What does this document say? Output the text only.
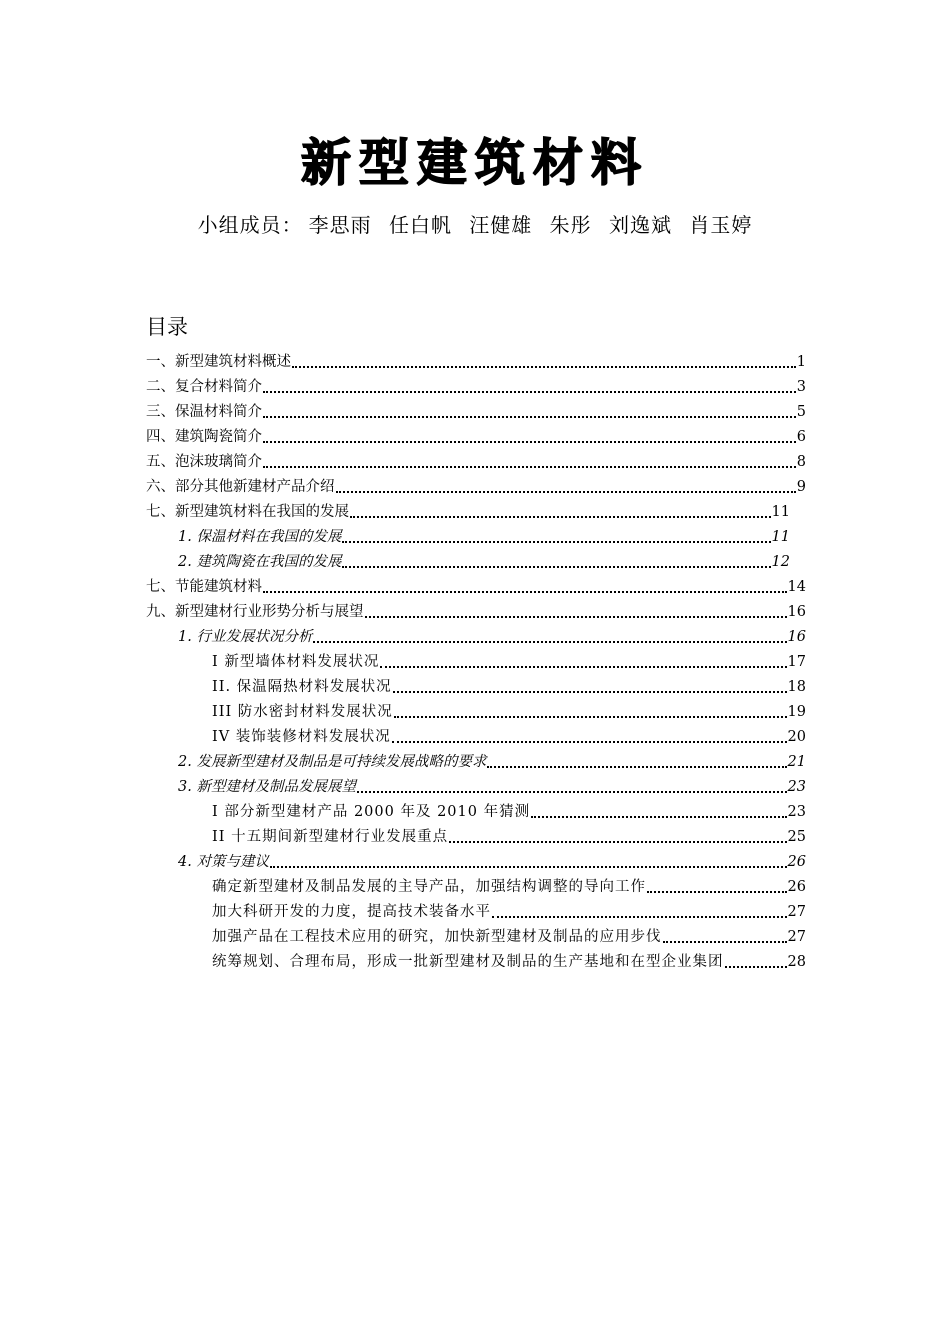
新型建筑材料
小组成员： 李思雨 任白帆 汪健雄 朱彤 刘逸斌 肖玉婷
目录
一、新型建筑材料概述	1
二、复合材料简介	3
三、保温材料简介	5
四、建筑陶瓷简介	6
五、泡沫玻璃简介	8
六、部分其他新建材产品介绍	9
七、新型建筑材料在我国的发展	11
1. 保温材料在我国的发展	11
2. 建筑陶瓷在我国的发展	12
七、节能建筑材料	14
九、新型建材行业形势分析与展望	16
1. 行业发展状况分析	16
I 新型墙体材料发展状况	17
II. 保温隔热材料发展状况	18
III 防水密封材料发展状况	19
IV 装饰装修材料发展状况	20
2. 发展新型建材及制品是可持续发展战略的要求	21
3. 新型建材及制品发展展望	23
I 部分新型建材产品 2000 年及 2010 年猜测	23
II 十五期间新型建材行业发展重点	25
4. 对策与建议	26
确定新型建材及制品发展的主导产品，加强结构调整的导向工作	26
加大科研开发的力度，提高技术装备水平	27
加强产品在工程技术应用的研究，加快新型建材及制品的应用步伐	27
统筹规划、合理布局，形成一批新型建材及制品的生产基地和在型企业集团	28
